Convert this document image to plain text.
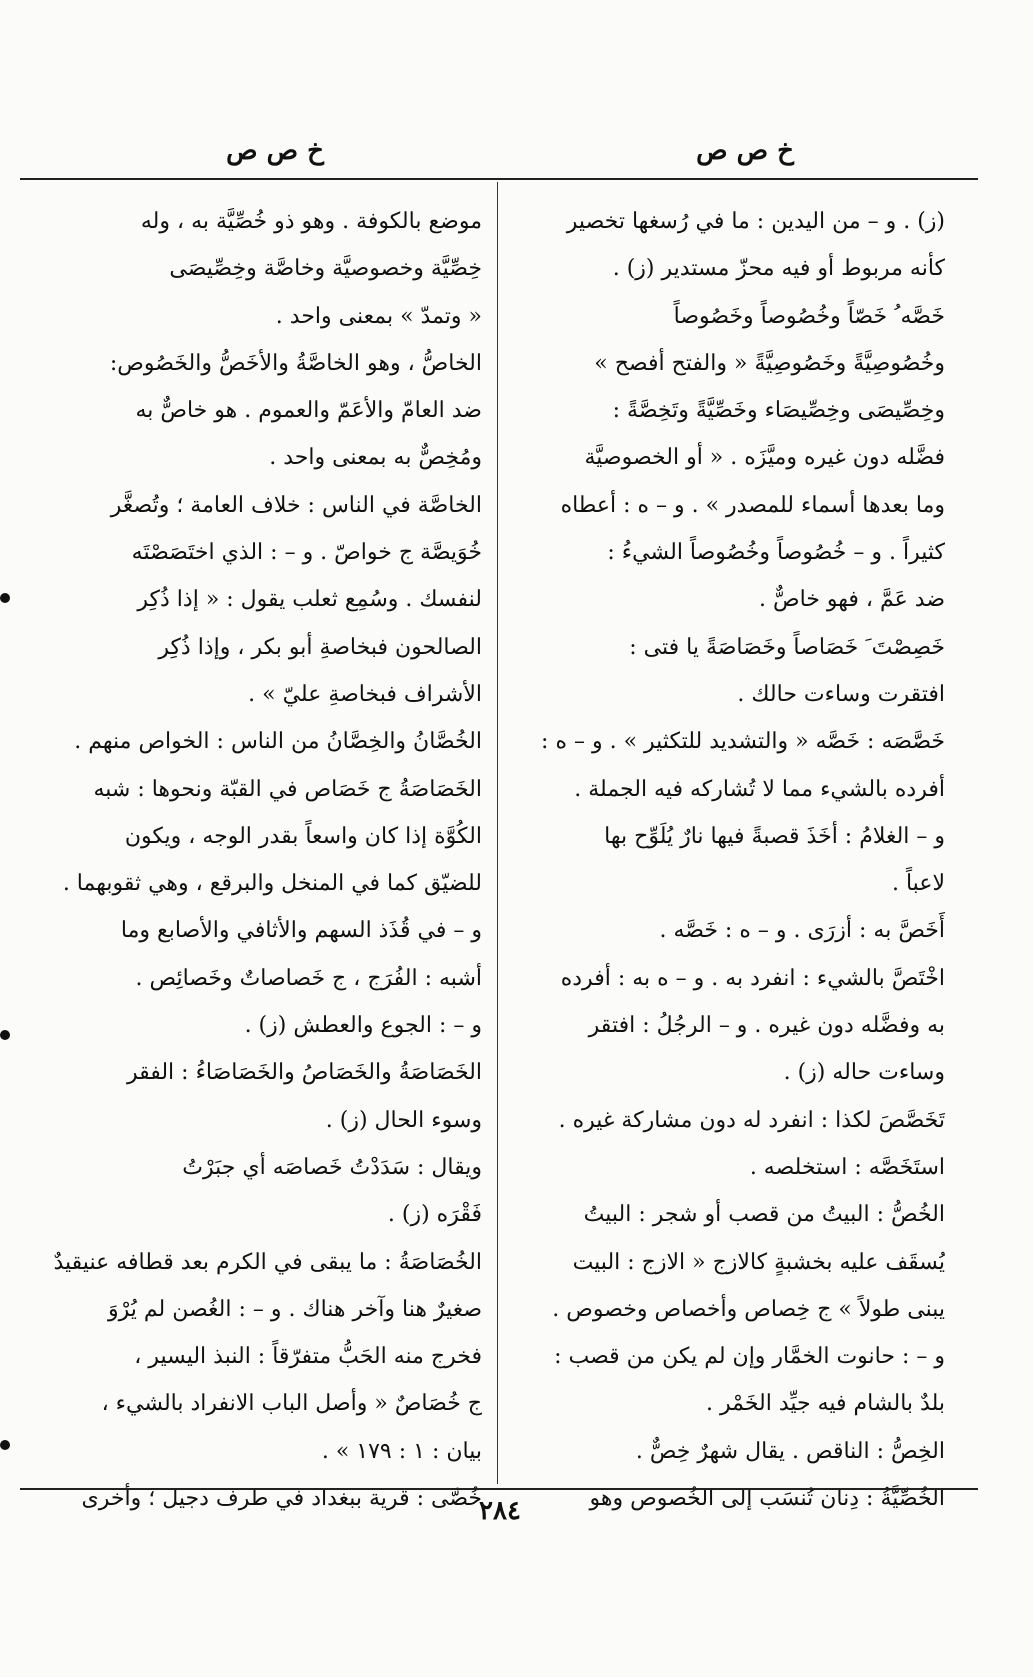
خ ص ص	خ ص ص
(ز) . و – من اليدين : ما في رُسغها تخصير
كأنه مربوط أو فيه محزّ مستدير (ز) .
خَصَّه ُ خَصّاً وخُصُوصاً وخَصُوصاً
وخُصُوصِيَّةً وخَصُوصِيَّةً « والفتح أفصح »
وخِصِّيصَى وخِصِّيصَاء وخَصِّيَّةً وتَخِصَّةً :
فضَّله دون غيره وميَّزَه . « أو الخصوصيَّة
وما بعدها أسماء للمصدر » . و – ه : أعطاه
كثيراً . و – خُصُوصاً وخُصُوصاً الشيءُ :
ضد عَمَّ ، فهو خاصٌّ .
خَصِصْتَ َ خَصَاصاً وخَصَاصَةً يا فتى :
افتقرت وساءت حالك .
خَصَّصَه : خَصَّه « والتشديد للتكثير » . و – ه :
أفرده بالشيء مما لا تُشاركه فيه الجملة .
و – الغلامُ : أخَذَ قصبةً فيها نارٌ يُلَوِّح بها
لاعباً .
أَخَصَّ به : أزرَى . و – ه : خَصَّه .
اخْتَصَّ بالشيء : انفرد به . و – ه به : أفرده
به وفضَّله دون غيره . و – الرجُلُ : افتقر
وساءت حاله (ز) .
تَخَصَّصَ لكذا : انفرد له دون مشاركة غيره .
استَخَصَّه : استخلصه .
الخُصُّ : البيتُ من قصب أو شجر : البيتُ
يُسقَف عليه بخشبةٍ كالازج « الازج : البيت
يبنى طولاً » ج خِصاص وأخصاص وخصوص .
و – : حانوت الخمَّار وإن لم يكن من قصب :
بلدٌ بالشام فيه جيِّد الخَمْر .
الخِصُّ : الناقص . يقال شهرٌ خِصٌّ .
الخُصِّيَّةُ : دِنان تُنسَب إلى الخُصوص وهو
موضع بالكوفة . وهو ذو خُصِّيَّة به ، وله
خِصِّيَّة وخصوصيَّة وخاصَّة وخِصِّيصَى
« وتمدّ » بمعنى واحد .
الخاصُّ ، وهو الخاصَّةُ والأخَصُّ والخَصُوص:
ضد العامّ والأعَمّ والعموم . هو خاصٌّ به
ومُخِصٌّ به بمعنى واحد .
الخاصَّة في الناس : خلاف العامة ؛ وتُصغَّر
خُوَيصَّة ج خواصّ . و – : الذي اختَصَصْتَه
لنفسك . وسُمِع ثعلب يقول : « إذا ذُكِر
الصالحون فبخاصةِ أبو بكر ، وإذا ذُكِر
الأشراف فبخاصةِ عليّ » .
الخُصَّانُ والخِصَّانُ من الناس : الخواص منهم .
الخَصَاصَةُ ج خَصَاص في القبّة ونحوها : شبه
الكُوَّة إذا كان واسعاً بقدر الوجه ، ويكون
للضيّق كما في المنخل والبرقع ، وهي ثقوبهما .
و – في قُذَذ السهم والأثافي والأصابع وما
أشبه : الفُرَج ، ج خَصاصاتٌ وخَصائِص .
و – : الجوع والعطش (ز) .
الخَصَاصَةُ والخَصَاصُ والخَصَاصَاءُ : الفقر
وسوء الحال (ز) .
ويقال : سَدَدْتُ خَصاصَه أي جبَرْتُ
فَقْرَه (ز) .
الخُصَاصَةُ : ما يبقى في الكرم بعد قطافه عنيقيدٌ
صغيرٌ هنا وآخر هناك . و – : الغُصن لم يُرْوَ
فخرج منه الحَبُّ متفرّقاً : النبذ اليسير ،
ج خُصَاصٌ « وأصل الباب الانفراد بالشيء ،
بيان : ١ : ١٧٩ » .
خُصَّى : قرية ببغداد في طرف دجيل ؛ وأخرى
٢٨٤
